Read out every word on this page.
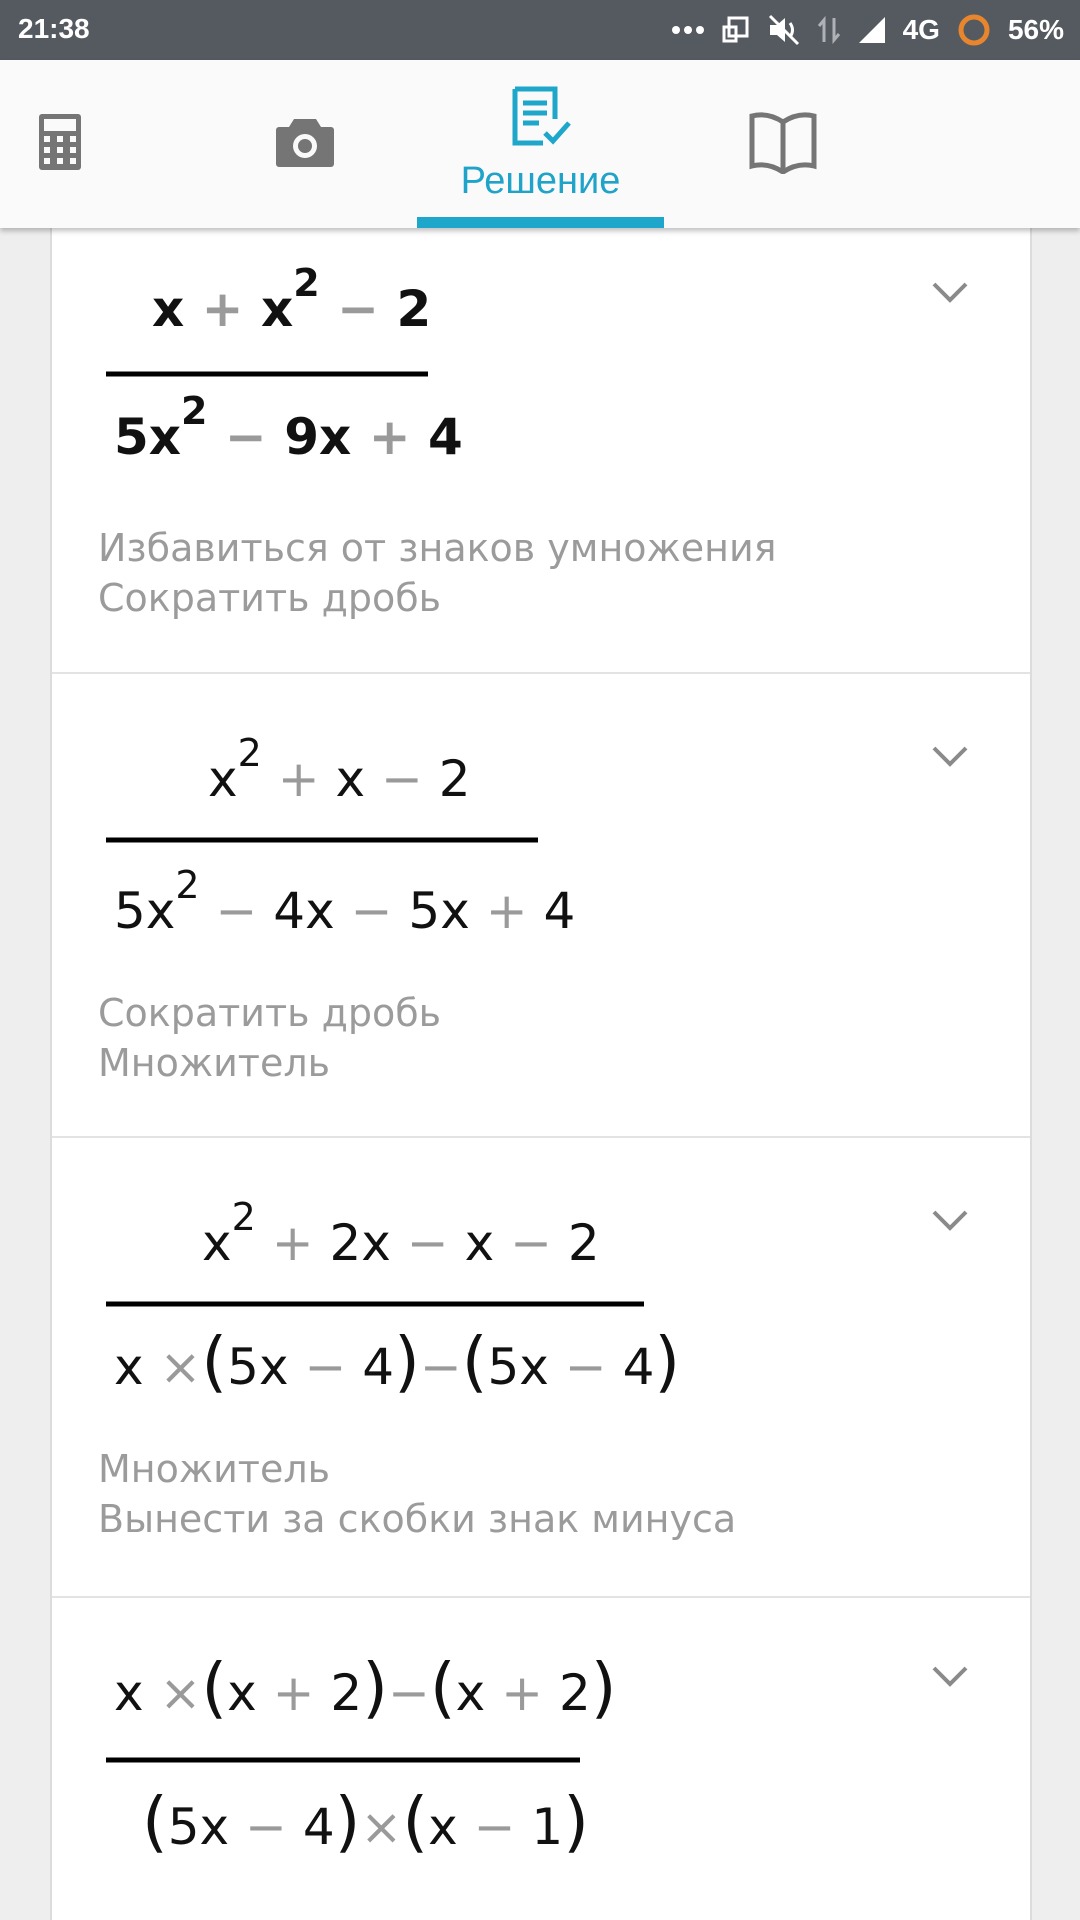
21:38	4G 56%
Решение
$x + x^2 - 2$
$5x^2 - 9x + 4$
Избавиться от знаков умножения
Сократить дробь
$x^2 + x - 2$
$5x^2 - 4x - 5x + 4$
Сократить дробь
Множитель
$x^2 + 2x - x - 2$
x ×(5x − 4)−(5x − 4)
Множитель
Вынести за скобки знак минуса
x ×(x + 2)−(x + 2)
(5x − 4)×(x − 1)
